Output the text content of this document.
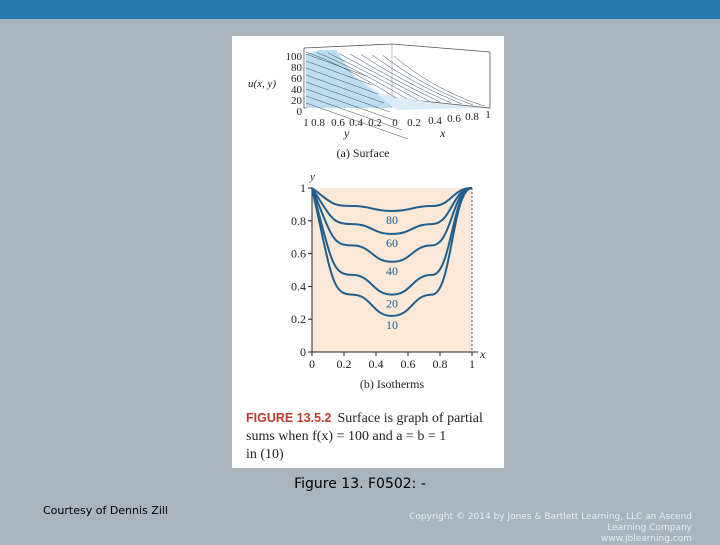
100
80
60
40
20
0
u(x, y)
1 0.8 0.6 0.4 0.2 0 0.2 0.4 0.6 0.8 1
y	x
(a) Surface
y
x
0
0.2
0.4
0.6
0.8
1
0 0.2 0.4 0.6 0.8 1
80
60
40
20
10
(b) Isotherms
FIGURE 13.5.2 Surface is graph of partial
sums when f(x) = 100 and a = b = 1
in (10)
Figure 13. F0502: -
Courtesy of Dennis Zill	Copyright © 2014 by Jones & Bartlett Learning, LLC an Ascend Learning Company
www.jblearning.com
